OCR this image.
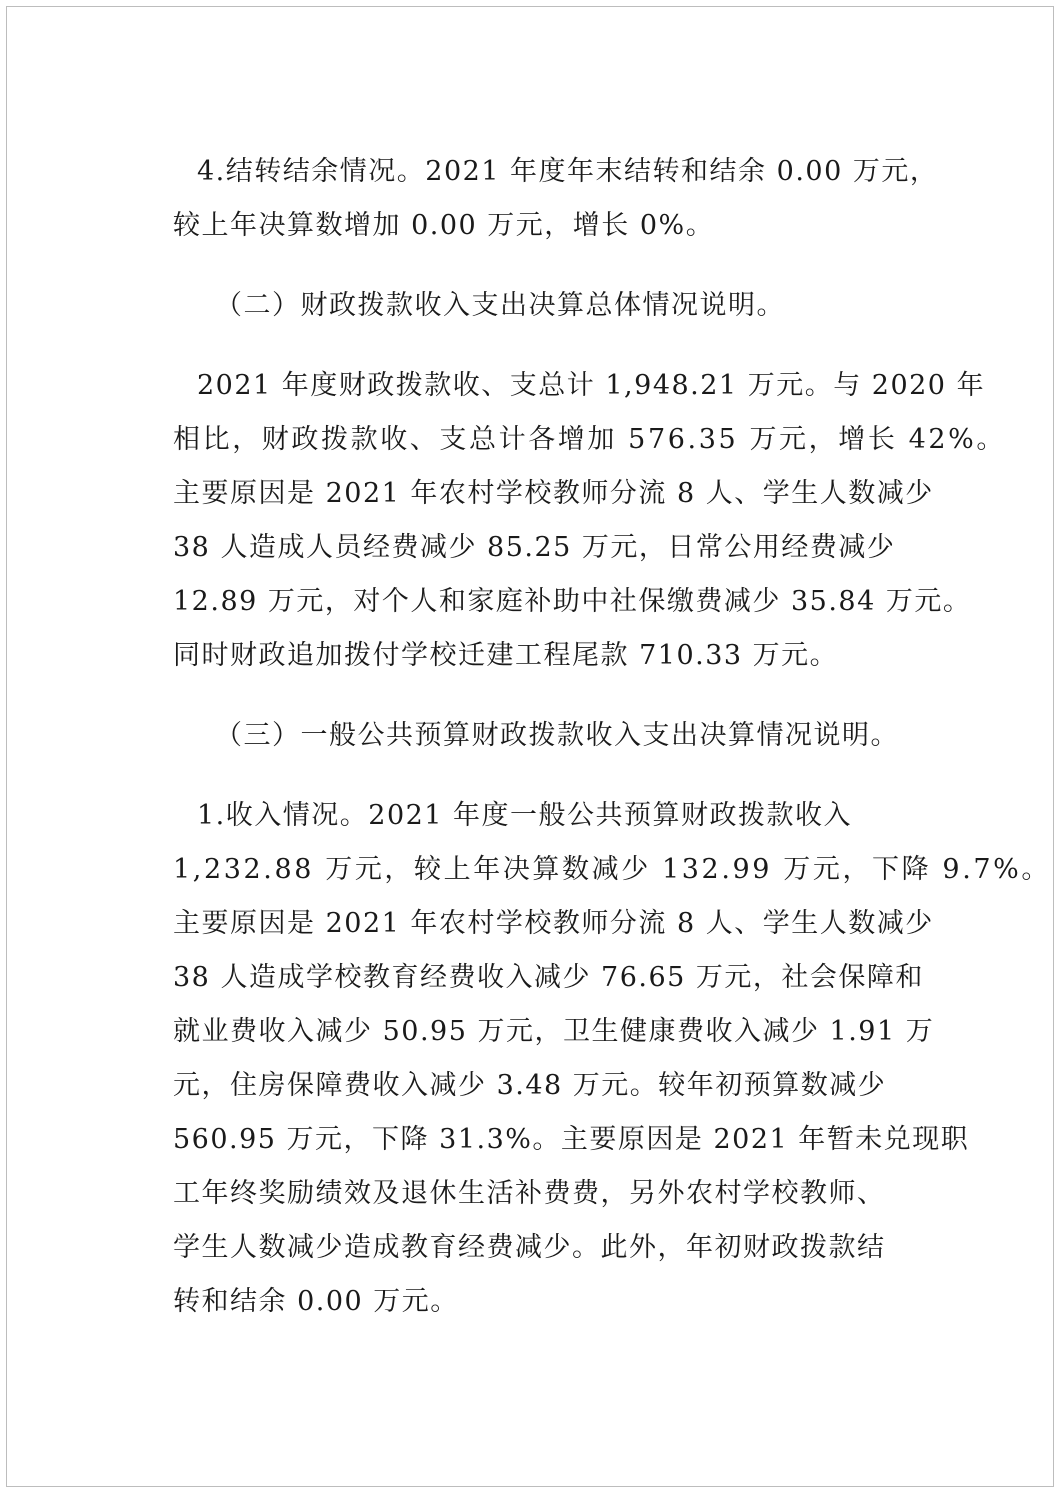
4.结转结余情况。2021 年度年末结转和结余 0.00 万元，
较上年决算数增加 0.00 万元，增长 0%。
（二）财政拨款收入支出决算总体情况说明。
2021 年度财政拨款收、支总计 1,948.21 万元。与 2020 年
相比，财政拨款收、支总计各增加 576.35 万元，增长 42%。
主要原因是 2021 年农村学校教师分流 8 人、学生人数减少
38 人造成人员经费减少 85.25 万元，日常公用经费减少
12.89 万元，对个人和家庭补助中社保缴费减少 35.84 万元。
同时财政追加拨付学校迁建工程尾款 710.33 万元。
（三）一般公共预算财政拨款收入支出决算情况说明。
1.收入情况。2021 年度一般公共预算财政拨款收入
1,232.88 万元，较上年决算数减少 132.99 万元，下降 9.7%。
主要原因是 2021 年农村学校教师分流 8 人、学生人数减少
38 人造成学校教育经费收入减少 76.65 万元，社会保障和
就业费收入减少 50.95 万元，卫生健康费收入减少 1.91 万
元，住房保障费收入减少 3.48 万元。较年初预算数减少
560.95 万元，下降 31.3%。主要原因是 2021 年暂未兑现职
工年终奖励绩效及退休生活补费费，另外农村学校教师、
学生人数减少造成教育经费减少。此外，年初财政拨款结
转和结余 0.00 万元。
